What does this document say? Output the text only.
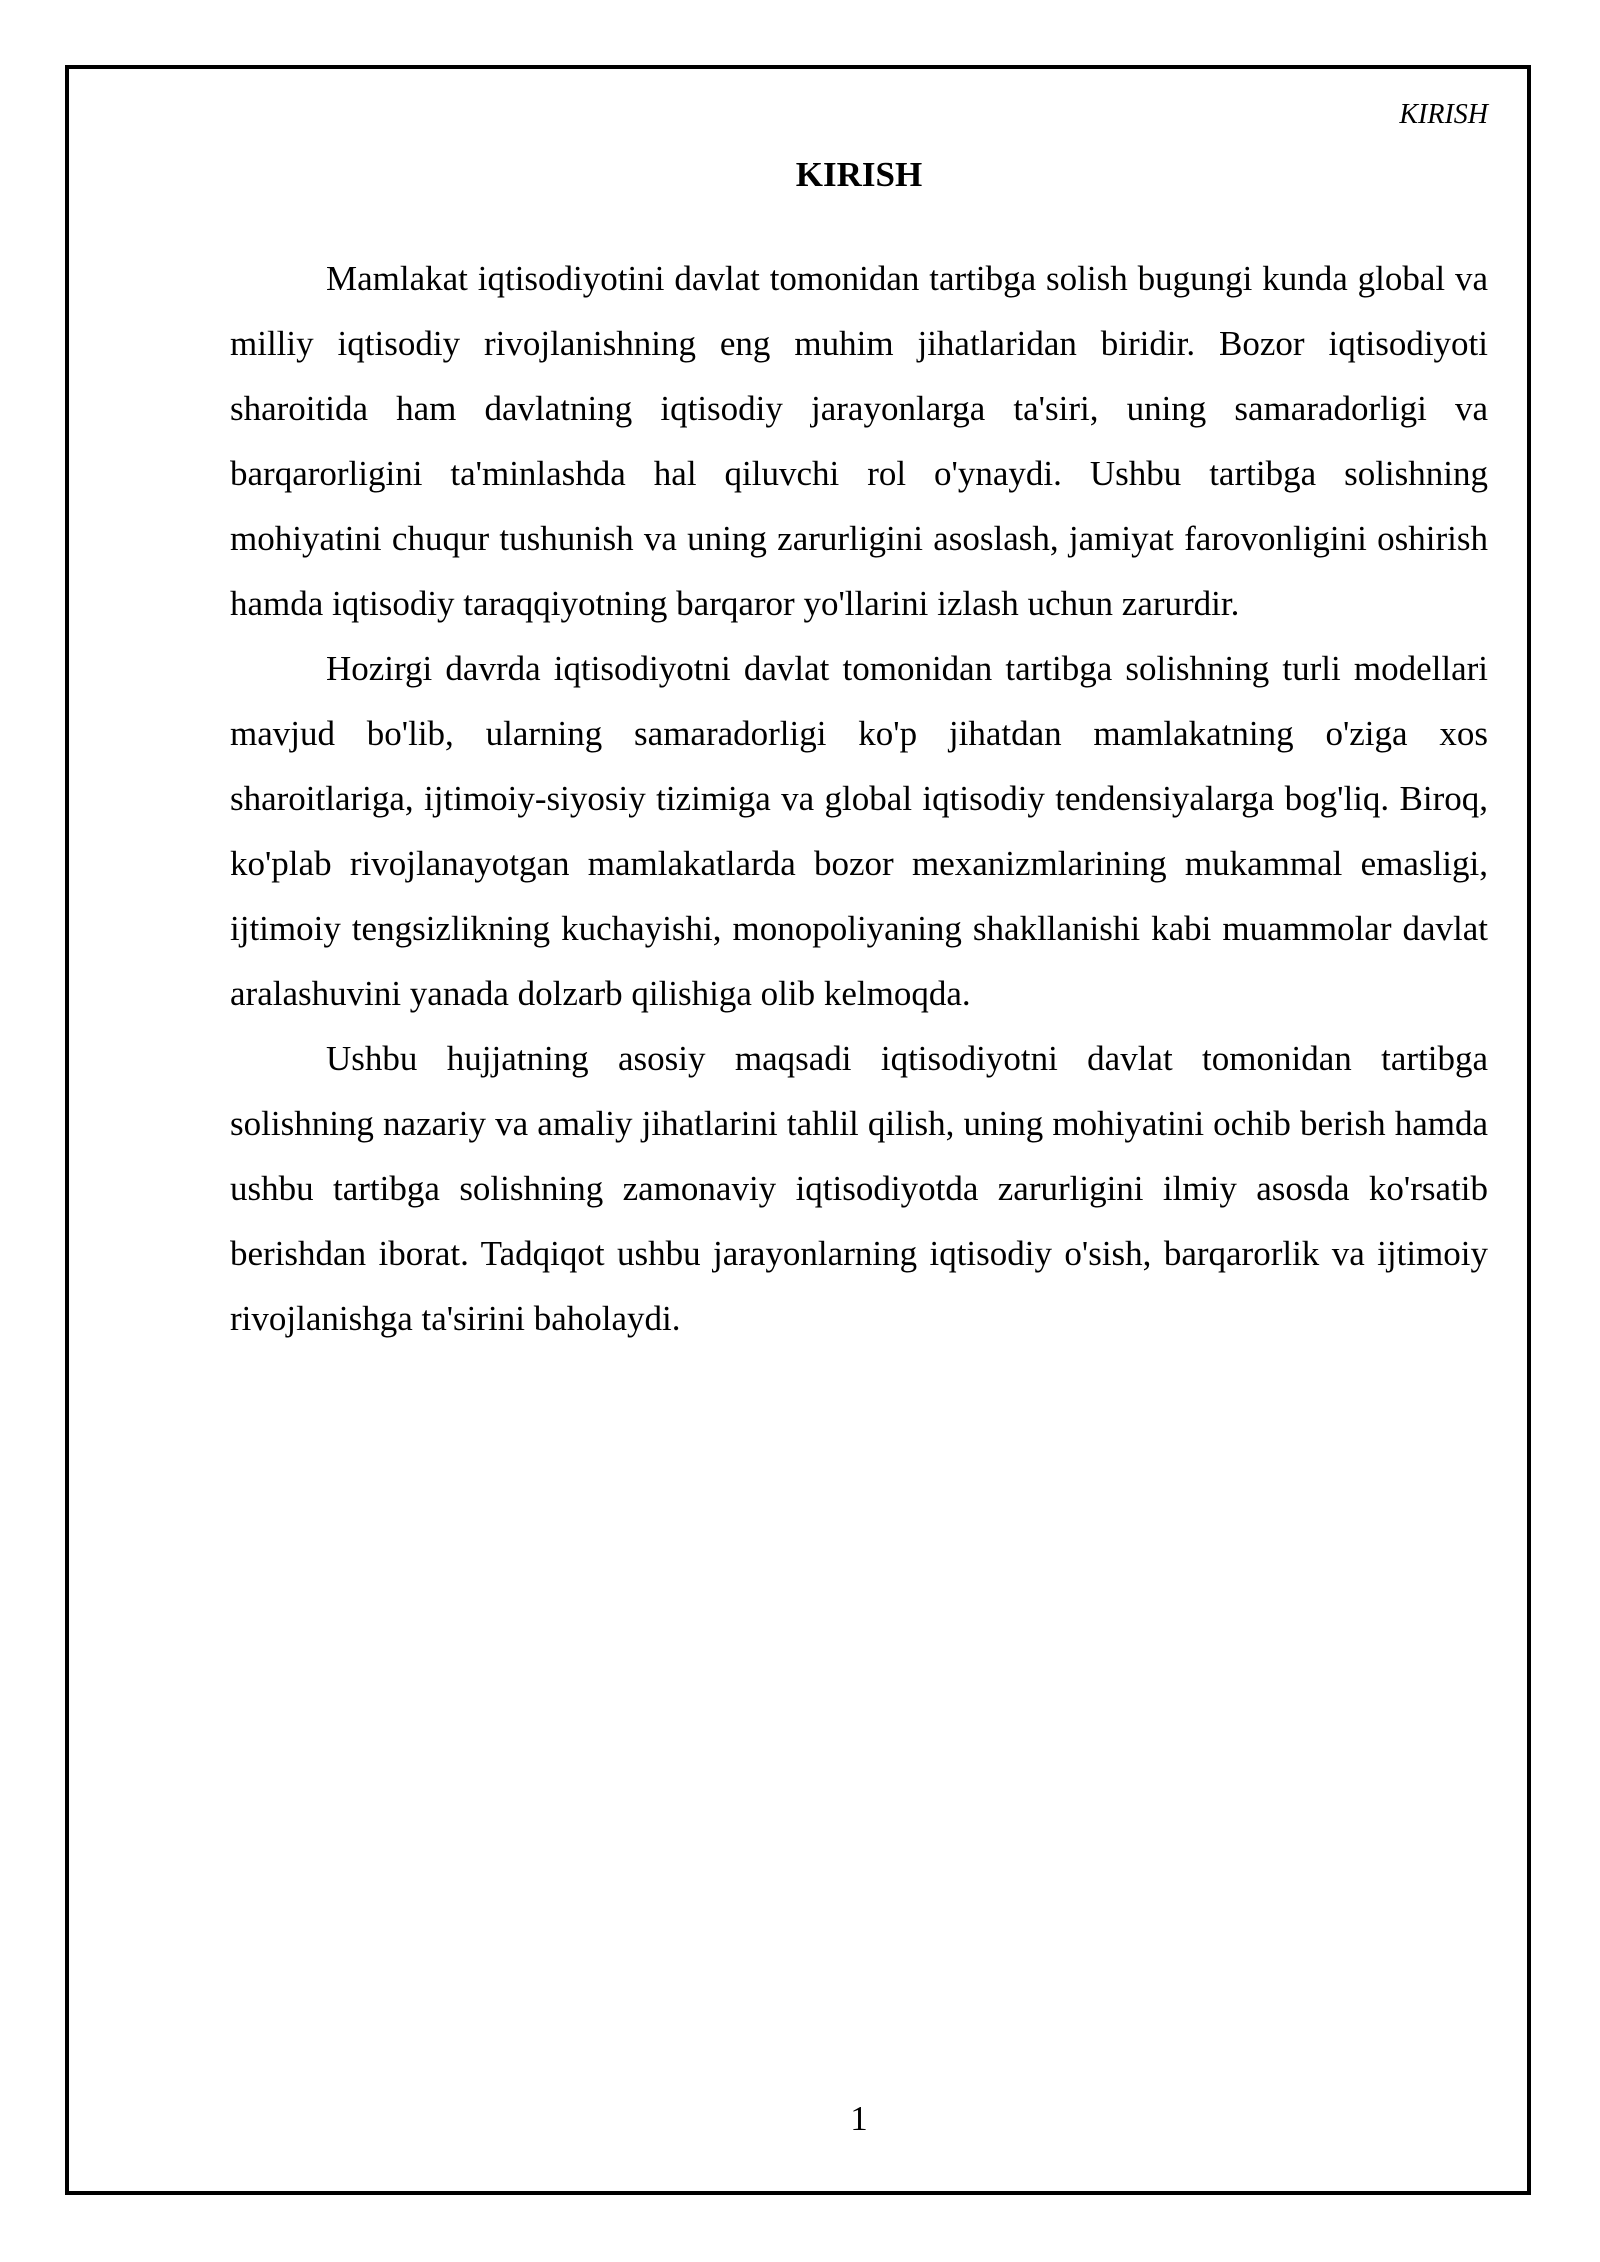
KIRISH
KIRISH

Mamlakat iqtisodiyotini davlat tomonidan tartibga solish bugungi kunda global va milliy iqtisodiy rivojlanishning eng muhim jihatlaridan biridir. Bozor iqtisodiyoti sharoitida ham davlatning iqtisodiy jarayonlarga ta'siri, uning samaradorligi va barqarorligini ta'minlashda hal qiluvchi rol o'ynaydi. Ushbu tartibga solishning mohiyatini chuqur tushunish va uning zarurligini asoslash, jamiyat farovonligini oshirish hamda iqtisodiy taraqqiyotning barqaror yo'llarini izlash uchun zarurdir.

Hozirgi davrda iqtisodiyotni davlat tomonidan tartibga solishning turli modellari mavjud bo'lib, ularning samaradorligi ko'p jihatdan mamlakatning o'ziga xos sharoitlariga, ijtimoiy-siyosiy tizimiga va global iqtisodiy tendensiyalarga bog'liq. Biroq, ko'plab rivojlanayotgan mamlakatlarda bozor mexanizmlarining mukammal emasligi, ijtimoiy tengsizlikning kuchayishi, monopoliyaning shakllanishi kabi muammolar davlat aralashuvini yanada dolzarb qilishiga olib kelmoqda.

Ushbu hujjatning asosiy maqsadi iqtisodiyotni davlat tomonidan tartibga solishning nazariy va amaliy jihatlarini tahlil qilish, uning mohiyatini ochib berish hamda ushbu tartibga solishning zamonaviy iqtisodiyotda zarurligini ilmiy asosda ko'rsatib berishdan iborat. Tadqiqot ushbu jarayonlarning iqtisodiy o'sish, barqarorlik va ijtimoiy rivojlanishga ta'sirini baholaydi.

1
